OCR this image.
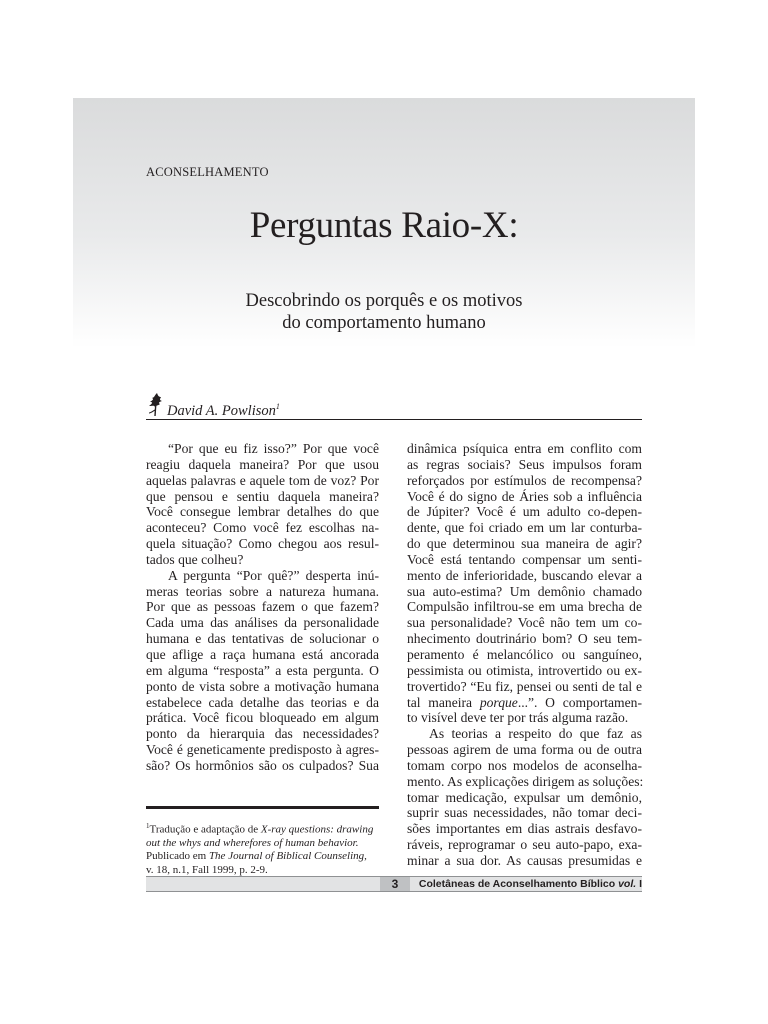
ACONSELHAMENTO
Perguntas Raio-X:
Descobrindo os porquês e os motivos
do comportamento humano
David A. Powlison$^1$
“Por que eu fiz isso?” Por que você
reagiu daquela maneira? Por que usou
aquelas palavras e aquele tom de voz? Por
que pensou e sentiu daquela maneira?
Você consegue lembrar detalhes do que
aconteceu? Como você fez escolhas na-
quela situação? Como chegou aos resul-
tados que colheu?
A pergunta “Por quê?” desperta inú-
meras teorias sobre a natureza humana.
Por que as pessoas fazem o que fazem?
Cada uma das análises da personalidade
humana e das tentativas de solucionar o
que aflige a raça humana está ancorada
em alguma “resposta” a esta pergunta. O
ponto de vista sobre a motivação humana
estabelece cada detalhe das teorias e da
prática. Você ficou bloqueado em algum
ponto da hierarquia das necessidades?
Você é geneticamente predisposto à agres-
são? Os hormônios são os culpados? Sua
dinâmica psíquica entra em conflito com
as regras sociais? Seus impulsos foram
reforçados por estímulos de recompensa?
Você é do signo de Áries sob a influência
de Júpiter? Você é um adulto co-depen-
dente, que foi criado em um lar conturba-
do que determinou sua maneira de agir?
Você está tentando compensar um senti-
mento de inferioridade, buscando elevar a
sua auto-estima? Um demônio chamado
Compulsão infiltrou-se em uma brecha de
sua personalidade? Você não tem um co-
nhecimento doutrinário bom? O seu tem-
peramento é melancólico ou sanguíneo,
pessimista ou otimista, introvertido ou ex-
trovertido? “Eu fiz, pensei ou senti de tal e
tal maneira porque...”. O comportamen-
to visível deve ter por trás alguma razão.
As teorias a respeito do que faz as
pessoas agirem de uma forma ou de outra
tomam corpo nos modelos de aconselha-
mento. As explicações dirigem as soluções:
tomar medicação, expulsar um demônio,
suprir suas necessidades, não tomar deci-
sões importantes em dias astrais desfavo-
ráveis, reprogramar o seu auto-papo, exa-
minar a sua dor. As causas presumidas e
$^1$Tradução e adaptação de X-ray questions: drawing
out the whys and wherefores of human behavior.
Publicado em The Journal of Biblical Counseling,
v. 18, n.1, Fall 1999, p. 2-9.
3	Coletâneas de Aconselhamento Bíblico vol. I
